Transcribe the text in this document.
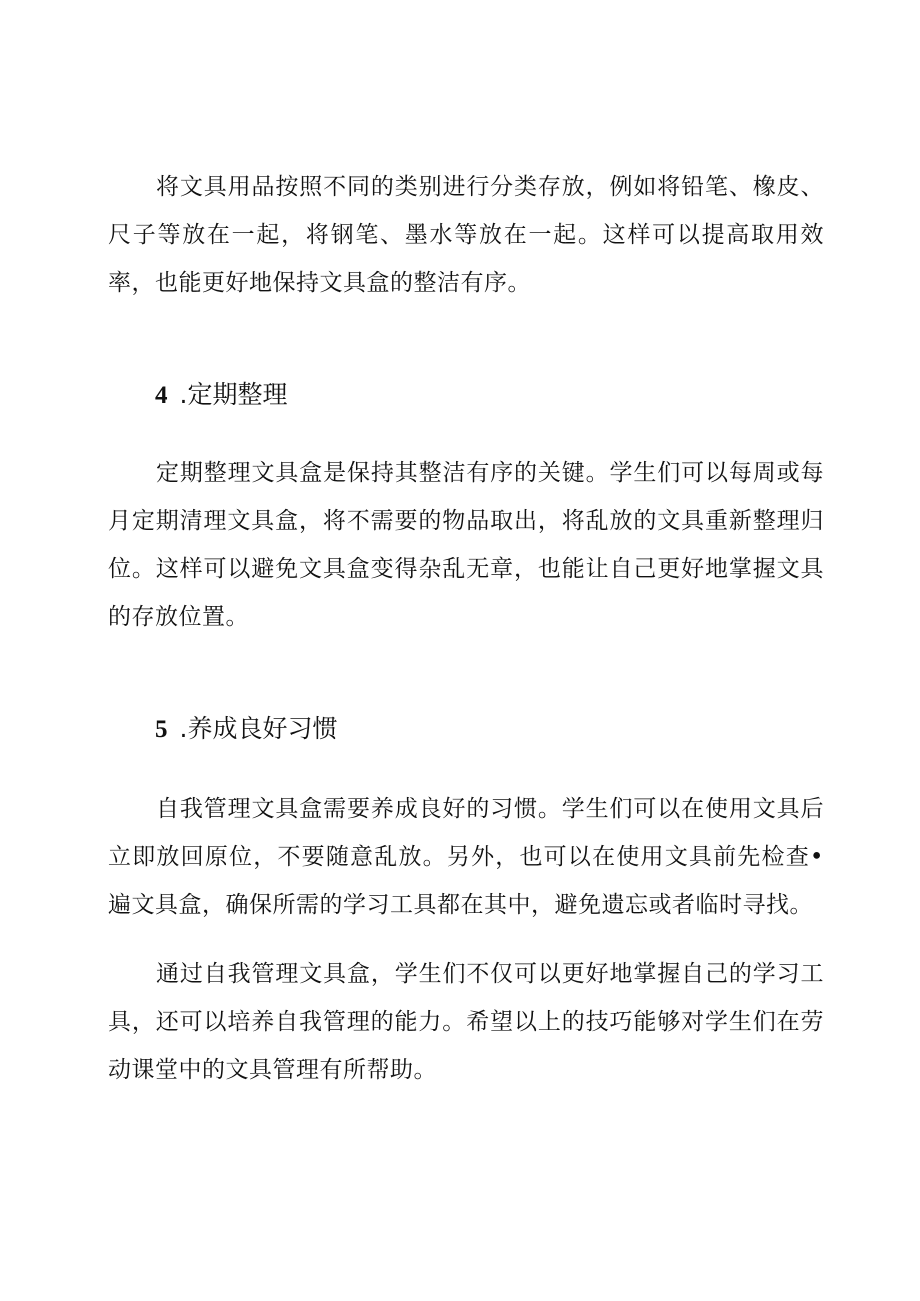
将文具用品按照不同的类别进行分类存放，例如将铅笔、橡皮、尺子等放在一起，将钢笔、墨水等放在一起。这样可以提高取用效率，也能更好地保持文具盒的整洁有序。

4 .定期整理

定期整理文具盒是保持其整洁有序的关键。学生们可以每周或每月定期清理文具盒，将不需要的物品取出，将乱放的文具重新整理归位。这样可以避免文具盒变得杂乱无章，也能让自己更好地掌握文具的存放位置。

5 .养成良好习惯

自我管理文具盒需要养成良好的习惯。学生们可以在使用文具后立即放回原位，不要随意乱放。另外，也可以在使用文具前先检查•遍文具盒，确保所需的学习工具都在其中，避免遗忘或者临时寻找。

通过自我管理文具盒，学生们不仅可以更好地掌握自己的学习工具，还可以培养自我管理的能力。希望以上的技巧能够对学生们在劳动课堂中的文具管理有所帮助。
